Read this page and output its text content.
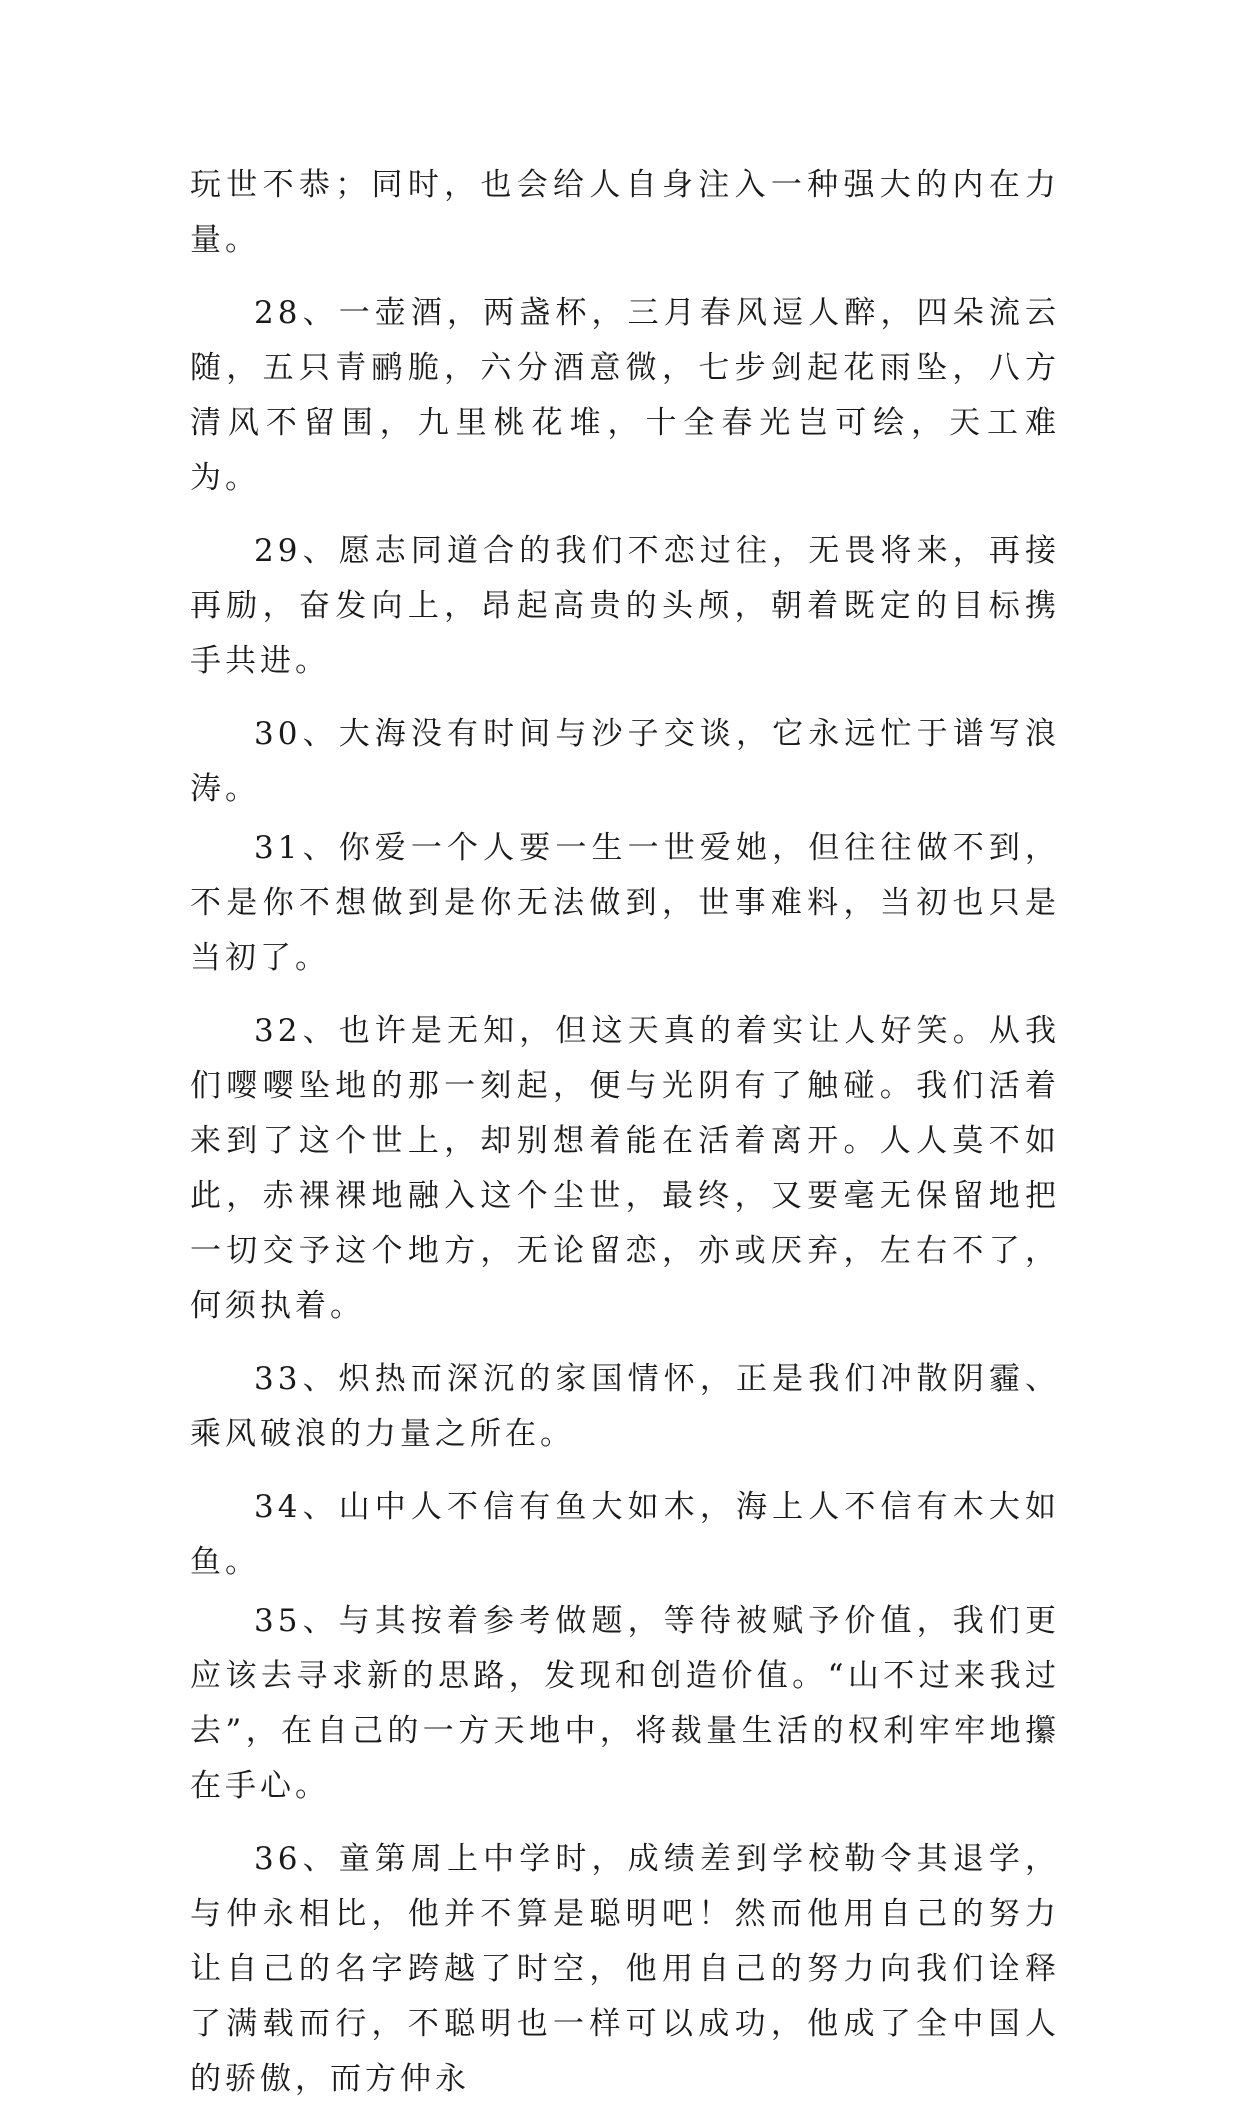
玩世不恭；同时，也会给人自身注入一种强大的内在力量。

28、一壶酒，两盏杯，三月春风逗人醉，四朵流云随，五只青鹂脆，六分酒意微，七步剑起花雨坠，八方清风不留围，九里桃花堆，十全春光岂可绘，天工难为。

29、愿志同道合的我们不恋过往，无畏将来，再接再励，奋发向上，昂起高贵的头颅，朝着既定的目标携手共进。

30、大海没有时间与沙子交谈，它永远忙于谱写浪涛。

31、你爱一个人要一生一世爱她，但往往做不到，不是你不想做到是你无法做到，世事难料，当初也只是当初了。

32、也许是无知，但这天真的着实让人好笑。从我们嘤嘤坠地的那一刻起，便与光阴有了触碰。我们活着来到了这个世上，却别想着能在活着离开。人人莫不如此，赤裸裸地融入这个尘世，最终，又要毫无保留地把一切交予这个地方，无论留恋，亦或厌弃，左右不了，何须执着。

33、炽热而深沉的家国情怀，正是我们冲散阴霾、乘风破浪的力量之所在。

34、山中人不信有鱼大如木，海上人不信有木大如鱼。

35、与其按着参考做题，等待被赋予价值，我们更应该去寻求新的思路，发现和创造价值。“山不过来我过去”，在自己的一方天地中，将裁量生活的权利牢牢地攥在手心。

36、童第周上中学时，成绩差到学校勒令其退学，与仲永相比，他并不算是聪明吧！然而他用自己的努力让自己的名字跨越了时空，他用自己的努力向我们诠释了满载而行，不聪明也一样可以成功，他成了全中国人的骄傲，而方仲永
